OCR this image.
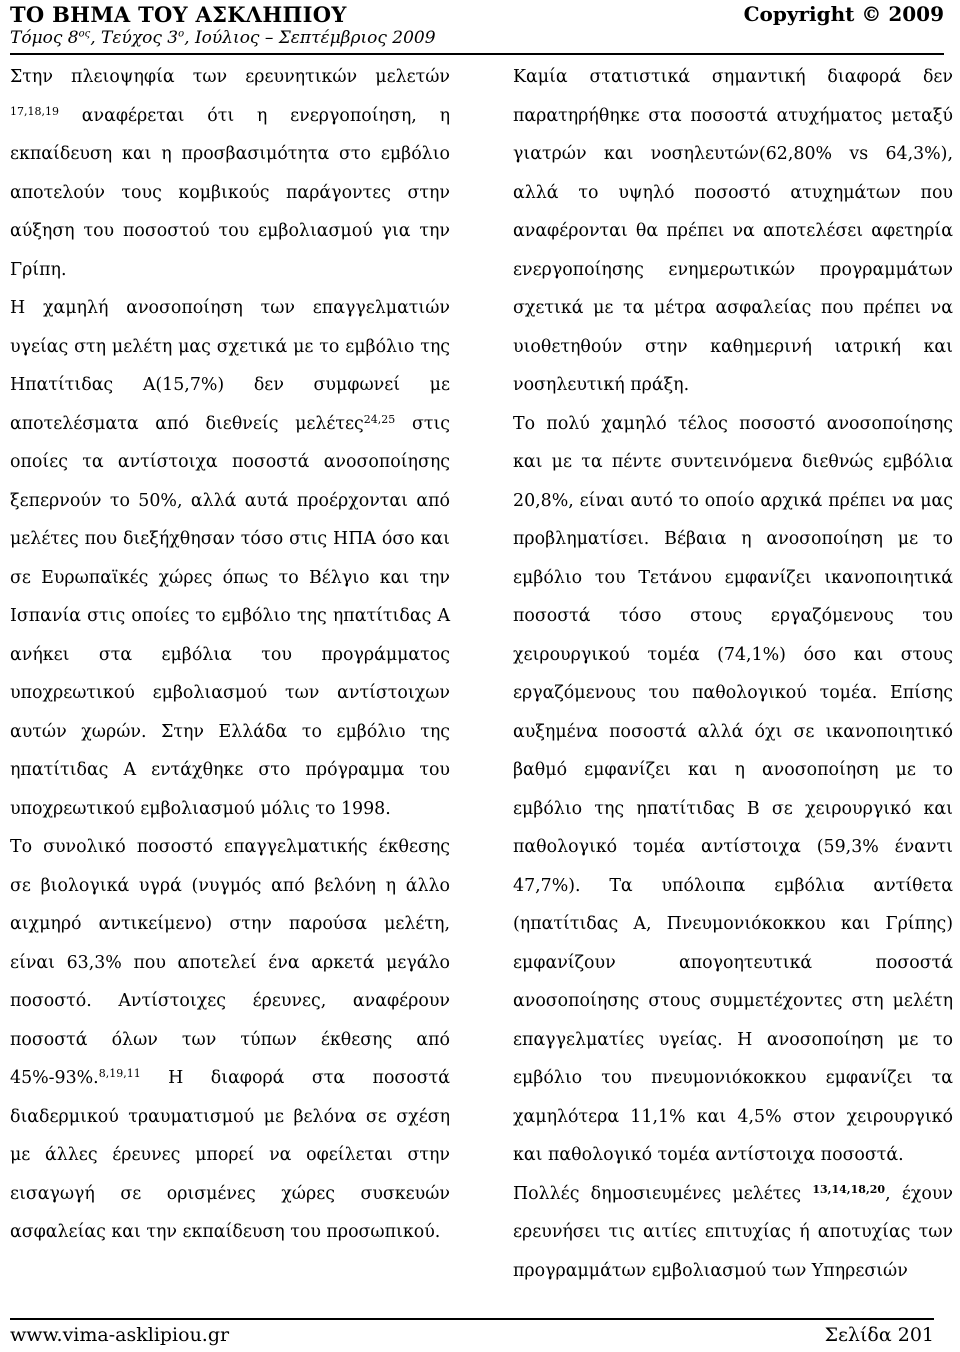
ΤΟ ΒΗΜΑ ΤΟΥ ΑΣΚΛΗΠΙΟΥ	Copyright © 2009
Τόμος $8^{o\varsigma}$, Τεύχος $3^o$, Ιούλιος – Σεπτέμβριος 2009

Στην πλειοψηφία των ερευνητικών μελετών $^{17,18,19}$ αναφέρεται ότι η ενεργοποίηση, η εκπαίδευση και η προσβασιμότητα στο εμβόλιο αποτελούν τους κομβικούς παράγοντες στην αύξηση του ποσοστού του εμβολιασμού για την Γρίπη.

Η χαμηλή ανοσοποίηση των επαγγελματιών υγείας στη μελέτη μας σχετικά με το εμβόλιο της Ηπατίτιδας Α(15,7%) δεν συμφωνεί με αποτελέσματα από διεθνείς μελέτες$^{24,25}$ στις οποίες τα αντίστοιχα ποσοστά ανοσοποίησης ξεπερνούν το 50%, αλλά αυτά προέρχονται από μελέτες που διεξήχθησαν τόσο στις ΗΠΑ όσο και σε Ευρωπαϊκές χώρες όπως το Βέλγιο και την Ισπανία στις οποίες το εμβόλιο της ηπατίτιδας Α ανήκει στα εμβόλια του προγράμματος υποχρεωτικού εμβολιασμού των αντίστοιχων αυτών χωρών. Στην Ελλάδα το εμβόλιο της ηπατίτιδας Α εντάχθηκε στο πρόγραμμα του υποχρεωτικού εμβολιασμού μόλις το 1998.

Το συνολικό ποσοστό επαγγελματικής έκθεσης σε βιολογικά υγρά (νυγμός από βελόνη η άλλο αιχμηρό αντικείμενο) στην παρούσα μελέτη, είναι 63,3% που αποτελεί ένα αρκετά μεγάλο ποσοστό. Αντίστοιχες έρευνες, αναφέρουν ποσοστά όλων των τύπων έκθεσης από 45%-93%.$^{8,19,11}$ Η διαφορά στα ποσοστά διαδερμικού τραυματισμού με βελόνα σε σχέση με άλλες έρευνες μπορεί να οφείλεται στην εισαγωγή σε ορισμένες χώρες συσκευών ασφαλείας και την εκπαίδευση του προσωπικού.

Καμία στατιστικά σημαντική διαφορά δεν παρατηρήθηκε στα ποσοστά ατυχήματος μεταξύ γιατρών και νοσηλευτών(62,80% vs 64,3%), αλλά το υψηλό ποσοστό ατυχημάτων που αναφέρονται θα πρέπει να αποτελέσει αφετηρία ενεργοποίησης ενημερωτικών προγραμμάτων σχετικά με τα μέτρα ασφαλείας που πρέπει να υιοθετηθούν στην καθημερινή ιατρική και νοσηλευτική πράξη.

Το πολύ χαμηλό τέλος ποσοστό ανοσοποίησης και με τα πέντε συντεινόμενα διεθνώς εμβόλια 20,8%, είναι αυτό το οποίο αρχικά πρέπει να μας προβληματίσει. Βέβαια η ανοσοποίηση με το εμβόλιο του Τετάνου εμφανίζει ικανοποιητικά ποσοστά τόσο στους εργαζόμενους του χειρουργικού τομέα (74,1%) όσο και στους εργαζόμενους του παθολογικού τομέα. Επίσης αυξημένα ποσοστά αλλά όχι σε ικανοποιητικό βαθμό εμφανίζει και η ανοσοποίηση με το εμβόλιο της ηπατίτιδας Β σε χειρουργικό και παθολογικό τομέα αντίστοιχα (59,3% έναντι 47,7%). Τα υπόλοιπα εμβόλια αντίθετα (ηπατίτιδας Α, Πνευμονιόκοκκου και Γρίπης) εμφανίζουν απογοητευτικά ποσοστά ανοσοποίησης στους συμμετέχοντες στη μελέτη επαγγελματίες υγείας. Η ανοσοποίηση με το εμβόλιο του πνευμονιόκοκκου εμφανίζει τα χαμηλότερα 11,1% και 4,5% στον χειρουργικό και παθολογικό τομέα αντίστοιχα ποσοστά.

Πολλές δημοσιευμένες μελέτες $^{13,14,18,20}$, έχουν ερευνήσει τις αιτίες επιτυχίας ή αποτυχίας των προγραμμάτων εμβολιασμού των Υπηρεσιών

www.vima-asklipiou.gr	Σελίδα 201
